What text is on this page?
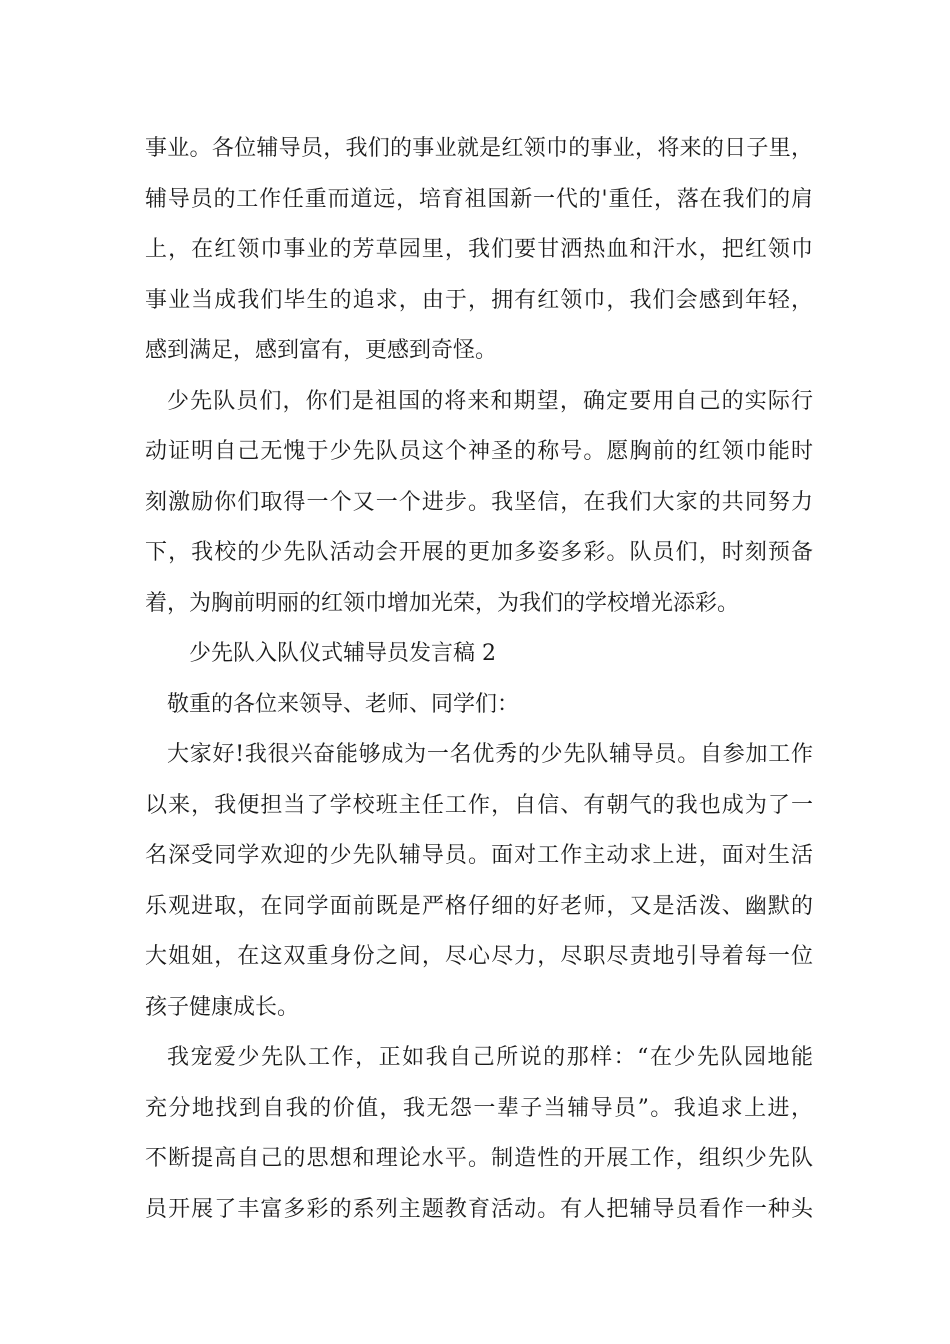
事业。各位辅导员，我们的事业就是红领巾的事业，将来的日子里，
辅导员的工作任重而道远，培育祖国新一代的'重任，落在我们的肩
上，在红领巾事业的芳草园里，我们要甘洒热血和汗水，把红领巾
事业当成我们毕生的追求，由于，拥有红领巾，我们会感到年轻，
感到满足，感到富有，更感到奇怪。
少先队员们，你们是祖国的将来和期望，确定要用自己的实际行
动证明自己无愧于少先队员这个神圣的称号。愿胸前的红领巾能时
刻激励你们取得一个又一个进步。我坚信，在我们大家的共同努力
下，我校的少先队活动会开展的更加多姿多彩。队员们，时刻预备
着，为胸前明丽的红领巾增加光荣，为我们的学校增光添彩。
少先队入队仪式辅导员发言稿 2
敬重的各位来领导、老师、同学们：
大家好!我很兴奋能够成为一名优秀的少先队辅导员。自参加工作
以来，我便担当了学校班主任工作，自信、有朝气的我也成为了一
名深受同学欢迎的少先队辅导员。面对工作主动求上进，面对生活
乐观进取，在同学面前既是严格仔细的好老师，又是活泼、幽默的
大姐姐，在这双重身份之间，尽心尽力，尽职尽责地引导着每一位
孩子健康成长。
我宠爱少先队工作，正如我自己所说的那样：“在少先队园地能
充分地找到自我的价值，我无怨一辈子当辅导员”。我追求上进，
不断提高自己的思想和理论水平。制造性的开展工作，组织少先队
员开展了丰富多彩的系列主题教育活动。有人把辅导员看作一种头
